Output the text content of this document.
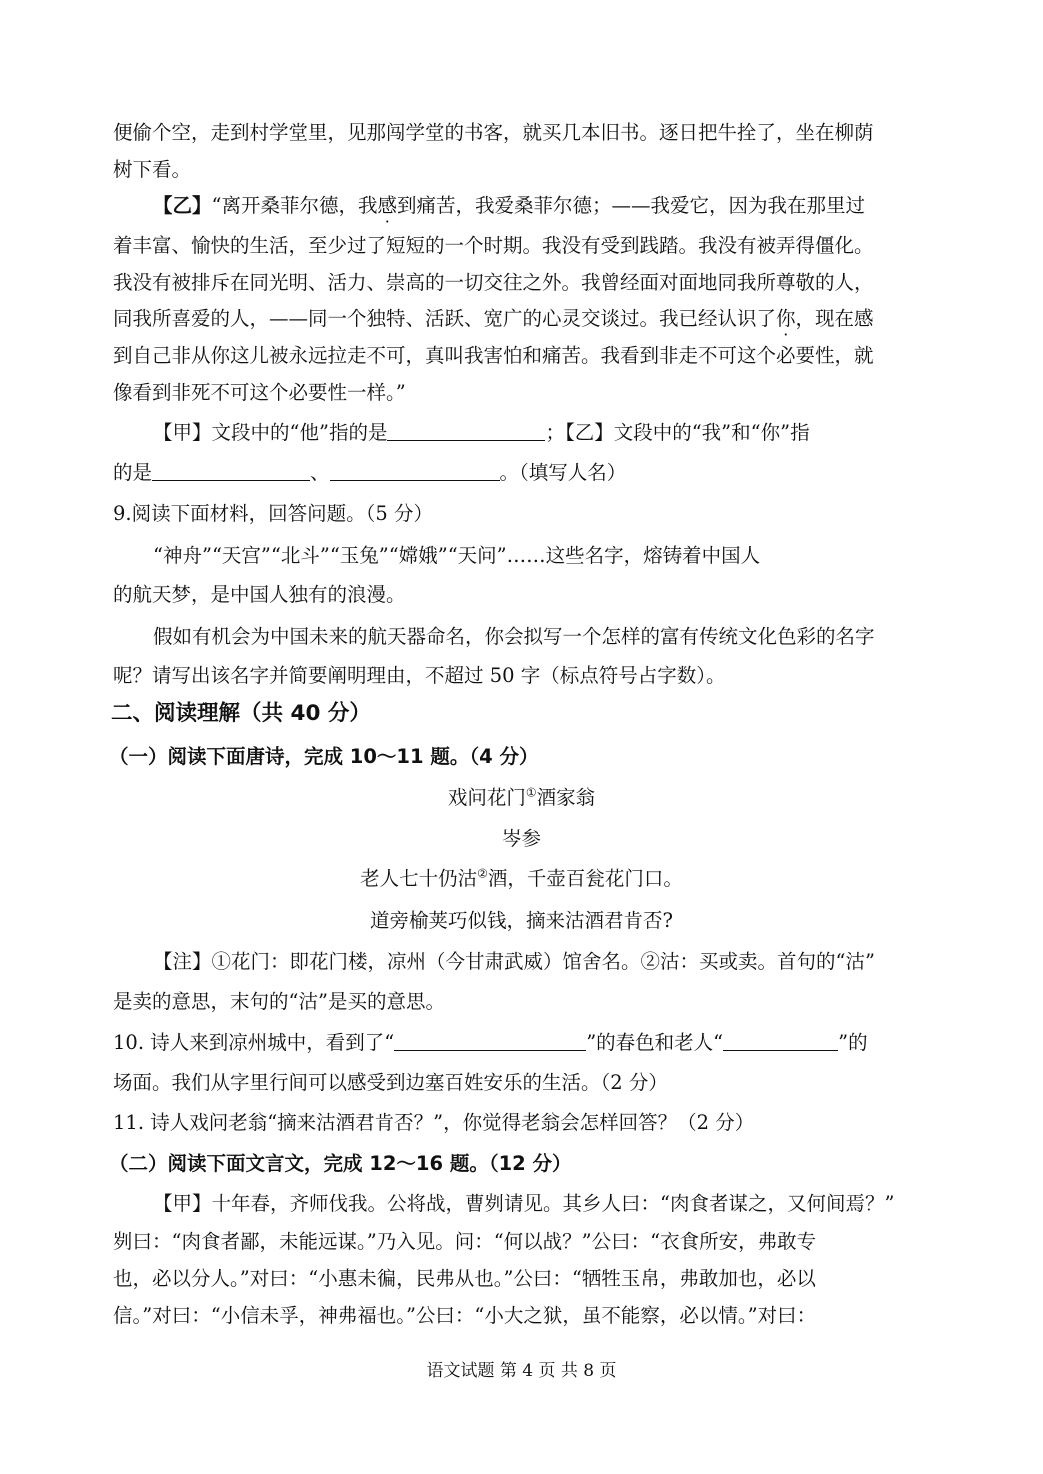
便偷个空，走到村学堂里，见那闯学堂的书客，就买几本旧书。逐日把牛拴了，坐在柳荫
树下看。
【乙】“离开桑菲尔德，我感到痛苦，我爱桑菲尔德；——我爱它，因为我在那里过
着丰富、愉快的生活，至少过了短短的一个时期。我没有受到践踏。我没有被弄得僵化。
我没有被排斥在同光明、活力、崇高的一切交往之外。我曾经面对面地同我所尊敬的人，
同我所喜爱的人，——同一个独特、活跃、宽广的心灵交谈过。我已经认识了你，现在感
到自己非从你这儿被永远拉走不可，真叫我害怕和痛苦。我看到非走不可这个必要性，就
像看到非死不可这个必要性一样。”
【甲】文段中的“他”指的是	；【乙】文段中的“我”和“你”指
的是	、	。（填写人名）
9.阅读下面材料，回答问题。（5 分）
“神舟”“天宫”“北斗”“玉兔”“嫦娥”“天问”……这些名字，熔铸着中国人
的航天梦，是中国人独有的浪漫。
假如有机会为中国未来的航天器命名，你会拟写一个怎样的富有传统文化色彩的名字
呢？请写出该名字并简要阐明理由，不超过 50 字（标点符号占字数）。
二、阅读理解（共 40 分）
（一）阅读下面唐诗，完成 10～11 题。（4 分）
戏问花门①酒家翁
岑参
老人七十仍沽②酒，千壶百瓮花门口。
道旁榆荚巧似钱，摘来沽酒君肯否?
【注】①花门：即花门楼，凉州（今甘肃武威）馆舍名。②沽：买或卖。首句的“沽”
是卖的意思，末句的“沽”是买的意思。
10. 诗人来到凉州城中，看到了“	”的春色和老人“	”的
场面。我们从字里行间可以感受到边塞百姓安乐的生活。（2 分）
11. 诗人戏问老翁“摘来沽酒君肯否？”，你觉得老翁会怎样回答？（2 分）
（二）阅读下面文言文，完成 12～16 题。（12 分）
【甲】十年春，齐师伐我。公将战，曹刿请见。其乡人曰：“肉食者谋之，又何间焉？”
刿曰：“肉食者鄙，未能远谋。”乃入见。问：“何以战？”公曰：“衣食所安，弗敢专
也，必以分人。”对曰：“小惠未徧，民弗从也。”公曰：“牺牲玉帛，弗敢加也，必以
信。”对曰：“小信未孚，神弗福也。”公曰：“小大之狱，虽不能察，必以情。”对曰：
语文试题 第 4 页 共 8 页
